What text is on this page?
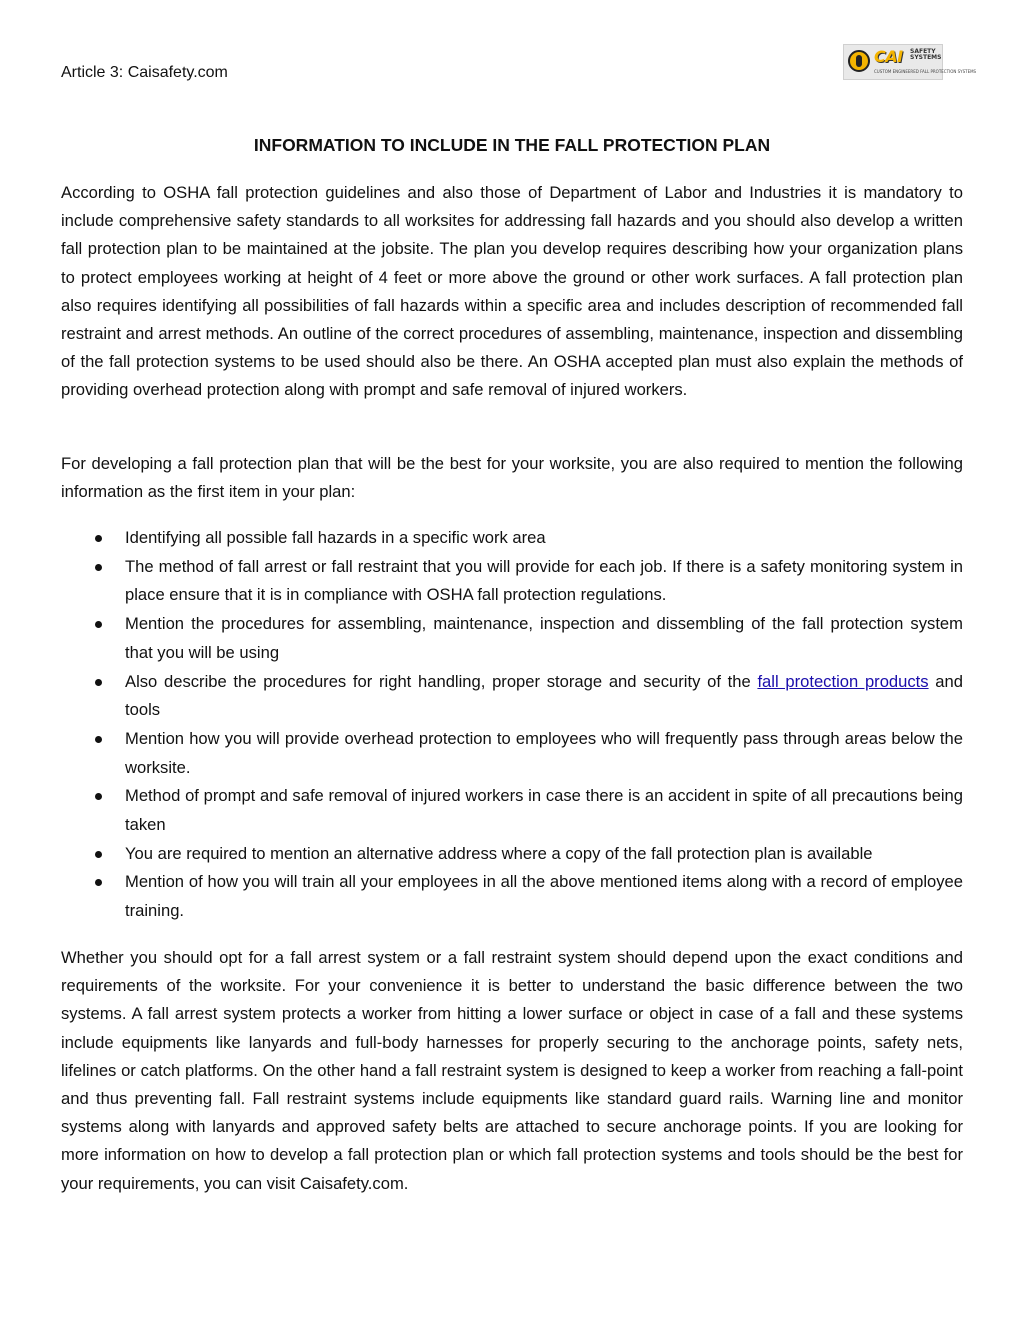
Article 3: Caisafety.com
CAI SAFETY SYSTEMS
CUSTOM ENGINEERED FALL PROTECTION SYSTEMS
INFORMATION TO INCLUDE IN THE FALL PROTECTION PLAN

According to OSHA fall protection guidelines and also those of Department of Labor and Industries it is mandatory to include comprehensive safety standards to all worksites for addressing fall hazards and you should also develop a written fall protection plan to be maintained at the jobsite. The plan you develop requires describing how your organization plans to protect employees working at height of 4 feet or more above the ground or other work surfaces. A fall protection plan also requires identifying all possibilities of fall hazards within a specific area and includes description of recommended fall restraint and arrest methods. An outline of the correct procedures of assembling, maintenance, inspection and dissembling of the fall protection systems to be used should also be there. An OSHA accepted plan must also explain the methods of providing overhead protection along with prompt and safe removal of injured workers.

For developing a fall protection plan that will be the best for your worksite, you are also required to mention the following information as the first item in your plan:

Identifying all possible fall hazards in a specific work area
The method of fall arrest or fall restraint that you will provide for each job. If there is a safety monitoring system in place ensure that it is in compliance with OSHA fall protection regulations.
Mention the procedures for assembling, maintenance, inspection and dissembling of the fall protection system that you will be using
Also describe the procedures for right handling, proper storage and security of the fall protection products and tools
Mention how you will provide overhead protection to employees who will frequently pass through areas below the worksite.
Method of prompt and safe removal of injured workers in case there is an accident in spite of all precautions being taken
You are required to mention an alternative address where a copy of the fall protection plan is available
Mention of how you will train all your employees in all the above mentioned items along with a record of employee training.

Whether you should opt for a fall arrest system or a fall restraint system should depend upon the exact conditions and requirements of the worksite. For your convenience it is better to understand the basic difference between the two systems. A fall arrest system protects a worker from hitting a lower surface or object in case of a fall and these systems include equipments like lanyards and full-body harnesses for properly securing to the anchorage points, safety nets, lifelines or catch platforms. On the other hand a fall restraint system is designed to keep a worker from reaching a fall-point and thus preventing fall. Fall restraint systems include equipments like standard guard rails. Warning line and monitor systems along with lanyards and approved safety belts are attached to secure anchorage points. If you are looking for more information on how to develop a fall protection plan or which fall protection systems and tools should be the best for your requirements, you can visit Caisafety.com.
